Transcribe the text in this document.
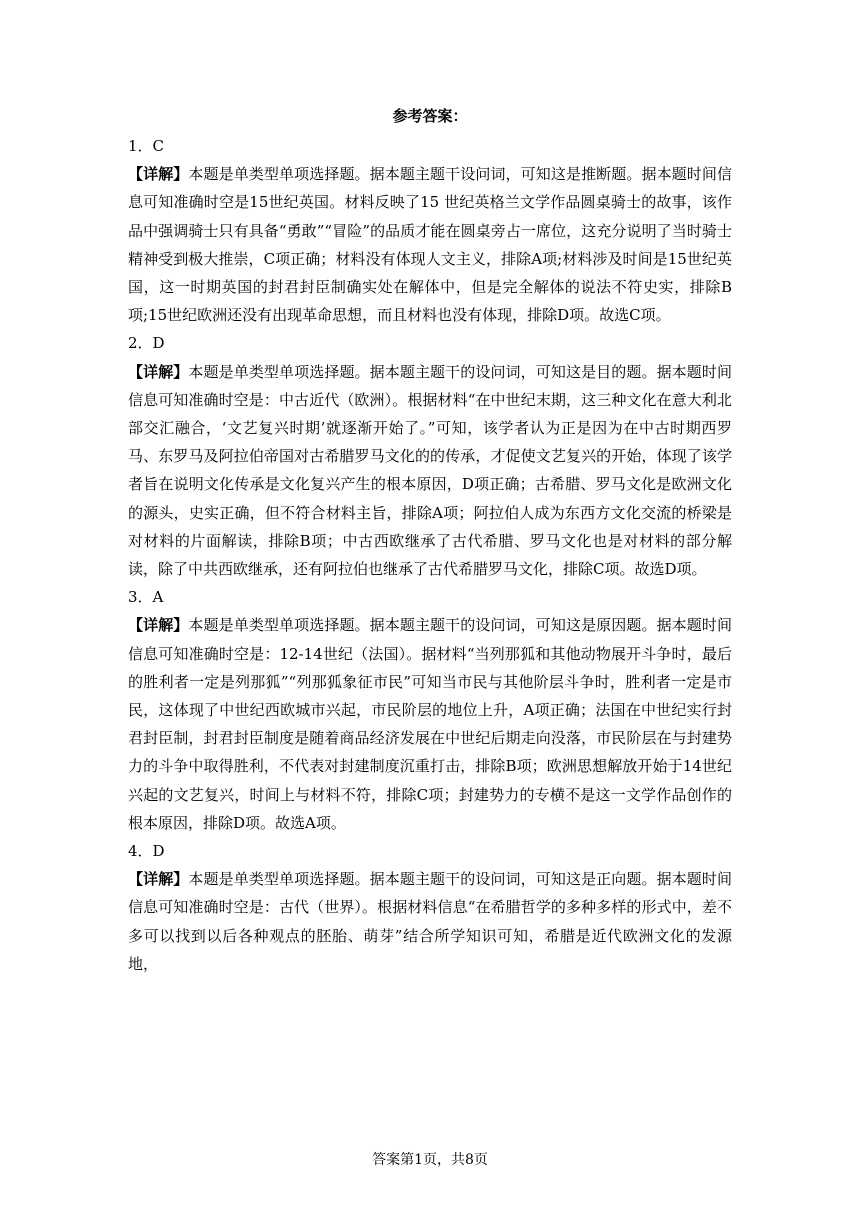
参考答案：

1．C

【详解】本题是单类型单项选择题。据本题主题干设问词，可知这是推断题。据本题时间信息可知准确时空是15世纪英国。材料反映了15 世纪英格兰文学作品圆桌骑士的故事，该作品中强调骑士只有具备“勇敢”“冒险”的品质才能在圆桌旁占一席位，这充分说明了当时骑士精神受到极大推崇，C项正确；材料没有体现人文主义，排除A项;材料涉及时间是15世纪英国，这一时期英国的封君封臣制确实处在解体中，但是完全解体的说法不符史实，排除B项;15世纪欧洲还没有出现革命思想，而且材料也没有体现，排除D项。故选C项。

2．D

【详解】本题是单类型单项选择题。据本题主题干的设问词，可知这是目的题。据本题时间信息可知准确时空是：中古近代（欧洲）。根据材料“在中世纪末期，这三种文化在意大利北部交汇融合，‘文艺复兴时期’就逐渐开始了。”可知，该学者认为正是因为在中古时期西罗马、东罗马及阿拉伯帝国对古希腊罗马文化的的传承，才促使文艺复兴的开始，体现了该学者旨在说明文化传承是文化复兴产生的根本原因，D项正确；古希腊、罗马文化是欧洲文化的源头，史实正确，但不符合材料主旨，排除A项；阿拉伯人成为东西方文化交流的桥梁是对材料的片面解读，排除B项；中古西欧继承了古代希腊、罗马文化也是对材料的部分解读，除了中共西欧继承，还有阿拉伯也继承了古代希腊罗马文化，排除C项。故选D项。

3．A

【详解】本题是单类型单项选择题。据本题主题干的设问词，可知这是原因题。据本题时间信息可知准确时空是：12-14世纪（法国）。据材料“当列那狐和其他动物展开斗争时，最后的胜利者一定是列那狐”“列那狐象征市民”可知当市民与其他阶层斗争时，胜利者一定是市民，这体现了中世纪西欧城市兴起，市民阶层的地位上升，A项正确；法国在中世纪实行封君封臣制，封君封臣制度是随着商品经济发展在中世纪后期走向没落，市民阶层在与封建势力的斗争中取得胜利，不代表对封建制度沉重打击，排除B项；欧洲思想解放开始于14世纪兴起的文艺复兴，时间上与材料不符，排除C项；封建势力的专横不是这一文学作品创作的根本原因，排除D项。故选A项。

4．D

【详解】本题是单类型单项选择题。据本题主题干的设问词，可知这是正向题。据本题时间信息可知准确时空是：古代（世界）。根据材料信息“在希腊哲学的多种多样的形式中，差不多可以找到以后各种观点的胚胎、萌芽”结合所学知识可知，希腊是近代欧洲文化的发源地，

答案第1页，共8页
